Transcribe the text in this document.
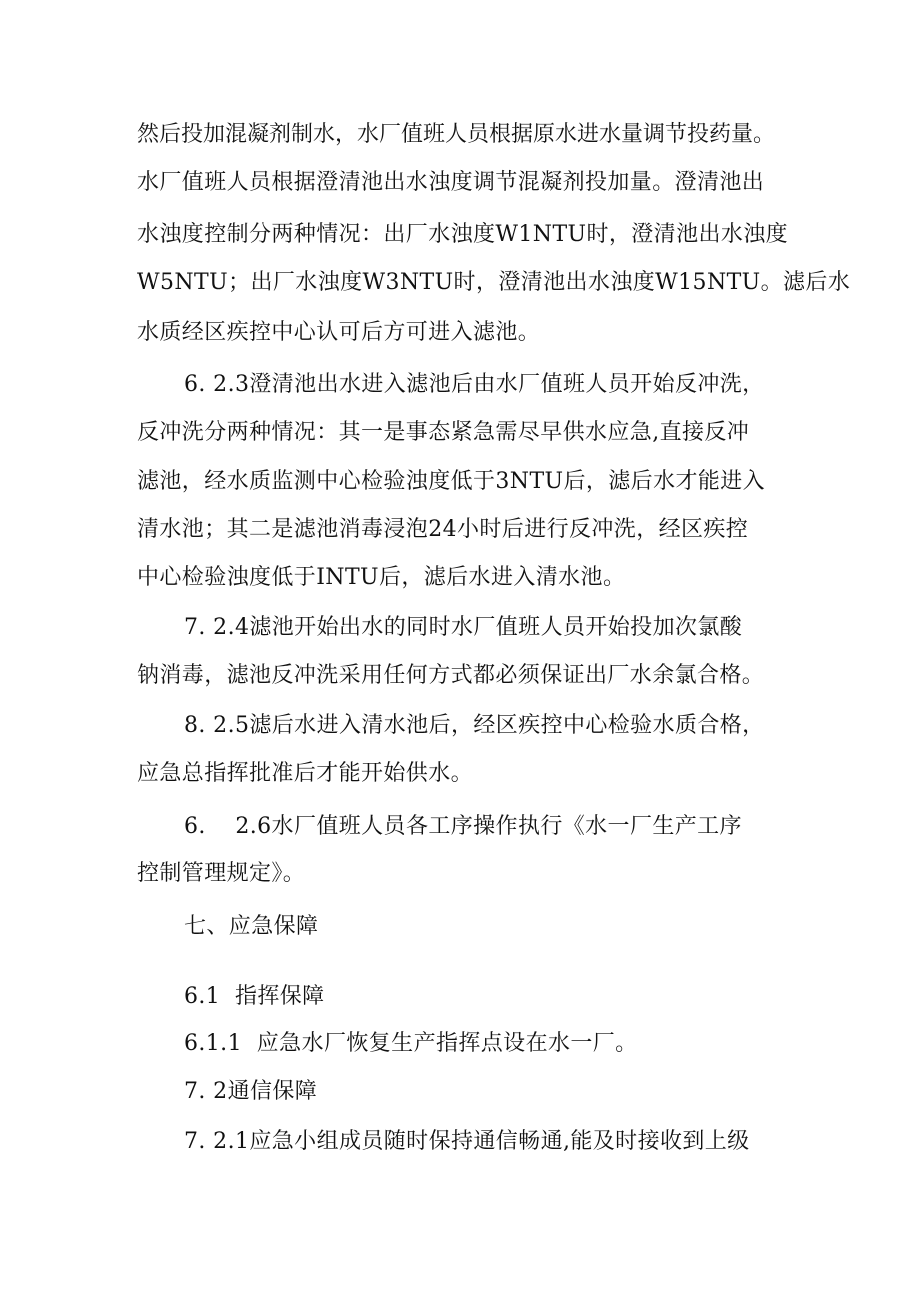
然后投加混凝剂制水，水厂值班人员根据原水进水量调节投药量。
水厂值班人员根据澄清池出水浊度调节混凝剂投加量。澄清池出
水浊度控制分两种情况：出厂水浊度W1NTU时，澄清池出水浊度
W5NTU；出厂水浊度W3NTU时，澄清池出水浊度W15NTU。滤后水
水质经区疾控中心认可后方可进入滤池。
6. 2.3澄清池出水进入滤池后由水厂值班人员开始反冲洗，
反冲洗分两种情况：其一是事态紧急需尽早供水应急,直接反冲
滤池，经水质监测中心检验浊度低于3NTU后，滤后水才能进入
清水池；其二是滤池消毒浸泡24小时后进行反冲洗，经区疾控
中心检验浊度低于INTU后，滤后水进入清水池。
7. 2.4滤池开始出水的同时水厂值班人员开始投加次氯酸
钠消毒，滤池反冲洗采用任何方式都必须保证出厂水余氯合格。
8. 2.5滤后水进入清水池后，经区疾控中心检验水质合格，
应急总指挥批准后才能开始供水。
6.    2.6水厂值班人员各工序操作执行《水一厂生产工序
控制管理规定》。
七、应急保障
6.1  指挥保障
6.1.1  应急水厂恢复生产指挥点设在水一厂。
7. 2通信保障
7. 2.1应急小组成员随时保持通信畅通,能及时接收到上级
